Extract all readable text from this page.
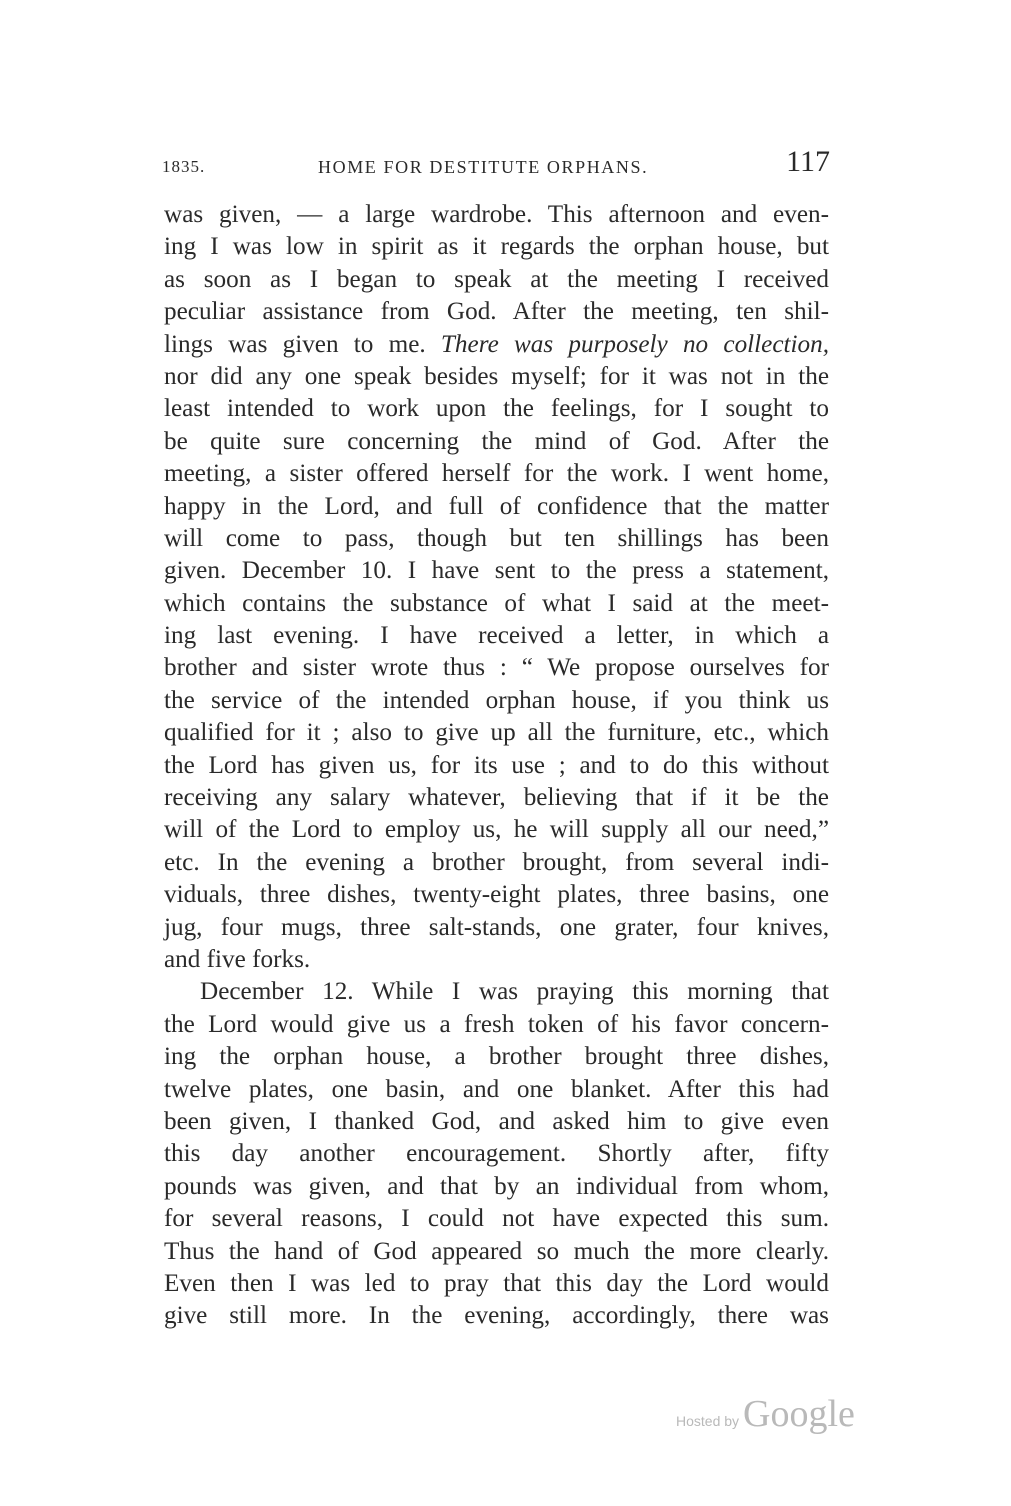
1835.	HOME FOR DESTITUTE ORPHANS.	117
was given, — a large wardrobe. This afternoon and even-
ing I was low in spirit as it regards the orphan house, but
as soon as I began to speak at the meeting I received
peculiar assistance from God. After the meeting, ten shil-
lings was given to me. There was purposely no collection,
nor did any one speak besides myself; for it was not in the
least intended to work upon the feelings, for I sought to
be quite sure concerning the mind of God. After the
meeting, a sister offered herself for the work. I went home,
happy in the Lord, and full of confidence that the matter
will come to pass, though but ten shillings has been
given. December 10. I have sent to the press a statement,
which contains the substance of what I said at the meet-
ing last evening. I have received a letter, in which a
brother and sister wrote thus : “ We propose ourselves for
the service of the intended orphan house, if you think us
qualified for it ; also to give up all the furniture, etc., which
the Lord has given us, for its use ; and to do this without
receiving any salary whatever, believing that if it be the
will of the Lord to employ us, he will supply all our need,”
etc. In the evening a brother brought, from several indi-
viduals, three dishes, twenty-eight plates, three basins, one
jug, four mugs, three salt-stands, one grater, four knives,
and five forks.
December 12. While I was praying this morning that
the Lord would give us a fresh token of his favor concern-
ing the orphan house, a brother brought three dishes,
twelve plates, one basin, and one blanket. After this had
been given, I thanked God, and asked him to give even
this day another encouragement. Shortly after, fifty
pounds was given, and that by an individual from whom,
for several reasons, I could not have expected this sum.
Thus the hand of God appeared so much the more clearly.
Even then I was led to pray that this day the Lord would
give still more. In the evening, accordingly, there was
Hosted by Google
